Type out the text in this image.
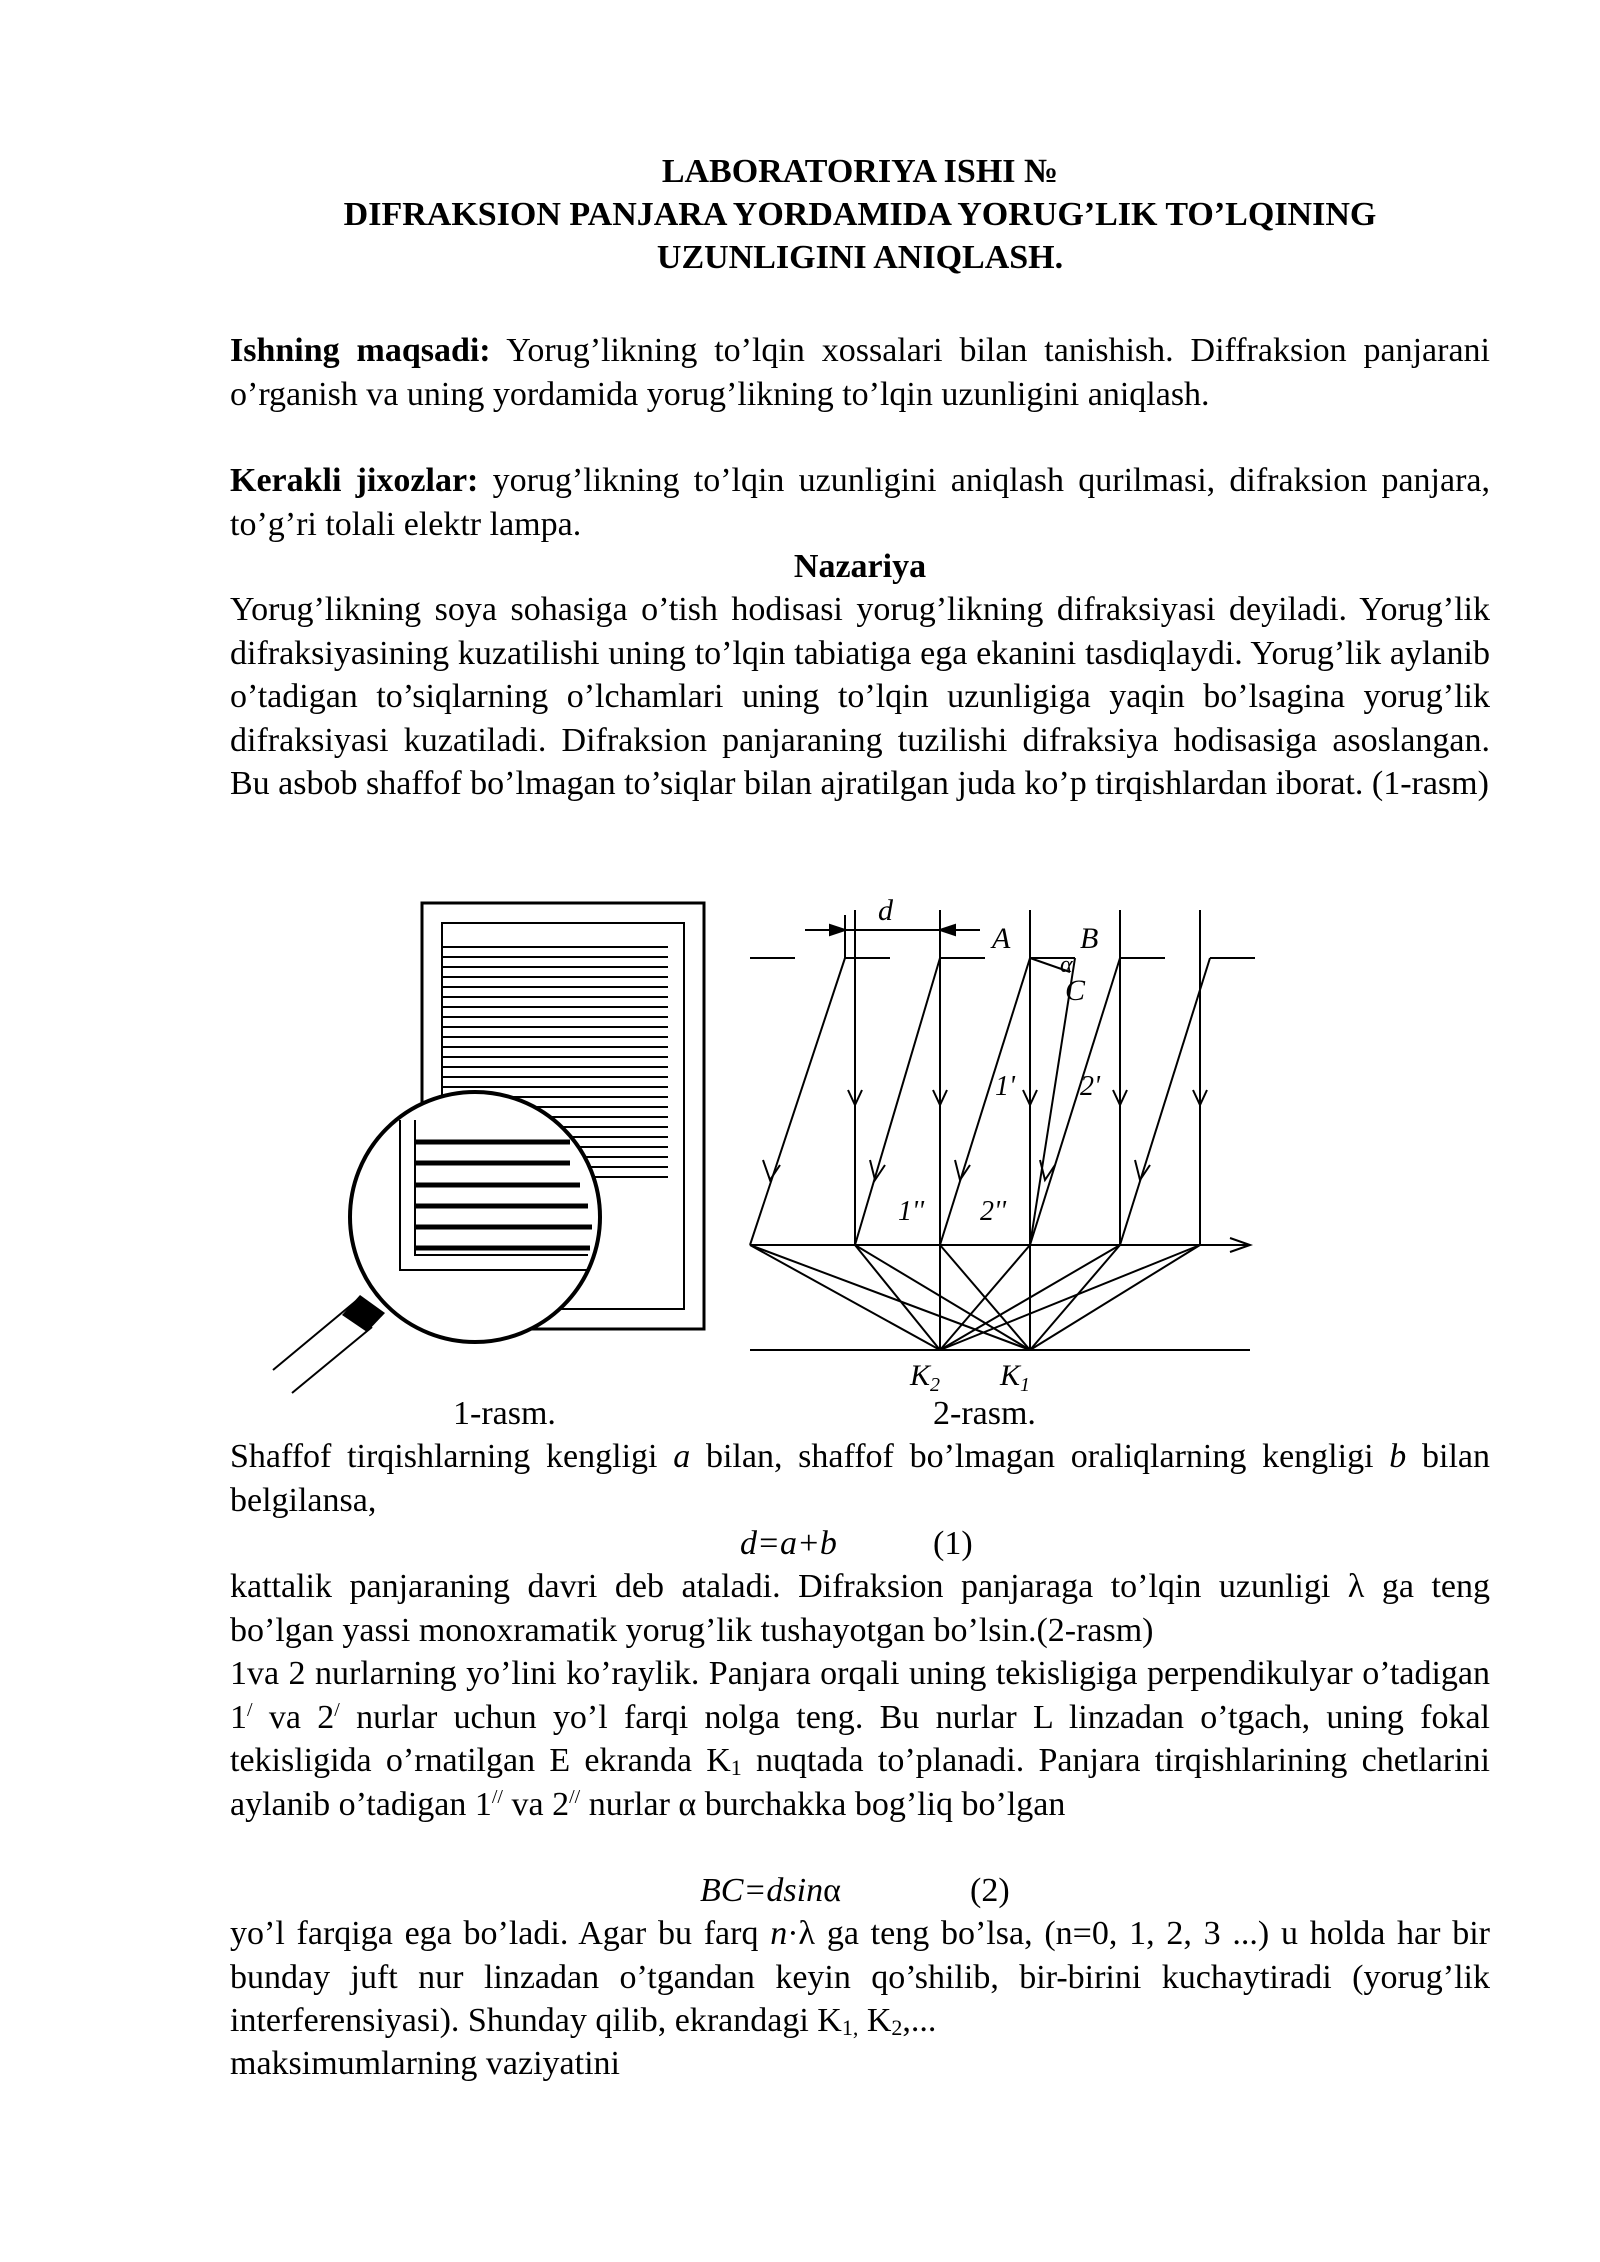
LABORATORIYA ISHI №
DIFRAKSION PANJARA YORDAMIDA YORUG’LIK TO’LQINING
UZUNLIGINI ANIQLASH.

Ishning maqsadi: Yorug’likning to’lqin xossalari bilan tanishish. Diffraksion panjarani o’rganish va uning yordamida yorug’likning to’lqin uzunligini aniqlash.

Kerakli jixozlar: yorug’likning to’lqin uzunligini aniqlash qurilmasi, difraksion panjara, to’g’ri tolali elektr lampa.

Nazariya

Yorug’likning soya sohasiga o’tish hodisasi yorug’likning difraksiyasi deyiladi. Yorug’lik difraksiyasining kuzatilishi uning to’lqin tabiatiga ega ekanini tasdiqlaydi. Yorug’lik aylanib o’tadigan to’siqlarning o’lchamlari uning to’lqin uzunligiga yaqin bo’lsagina yorug’lik difraksiyasi kuzatiladi. Difraksion panjaraning tuzilishi difraksiya hodisasiga asoslangan. Bu asbob shaffof bo’lmagan to’siqlar bilan ajratilgan juda ko’p tirqishlardan iborat. (1-rasm)

d
A B
α
C
1' 2'
1'' 2''
$K_2$ $K_1$
1-rasm.	2-rasm.

Shaffof tirqishlarning kengligi a bilan, shaffof bo’lmagan oraliqlarning kengligi b bilan belgilansa,

d=a+b	(1)

kattalik panjaraning davri deb ataladi. Difraksion panjaraga to’lqin uzunligi λ ga teng bo’lgan yassi monoxramatik yorug’lik tushayotgan bo’lsin.(2-rasm)

1va 2 nurlarning yo’lini ko’raylik. Panjara orqali uning tekisligiga perpendikulyar o’tadigan 1/ va 2/ nurlar uchun yo’l farqi nolga teng. Bu nurlar L linzadan o’tgach, uning fokal tekisligida o’rnatilgan E ekranda $K_1$ nuqtada to’planadi. Panjara tirqishlarining chetlarini aylanib o’tadigan 1// va 2// nurlar α burchakka bog’liq bo’lgan

BC=dsinα	(2)

yo’l farqiga ega bo’ladi. Agar bu farq n·λ ga teng bo’lsa, (n=0, 1, 2, 3 ...) u holda har bir bunday juft nur linzadan o’tgandan keyin qo’shilib, bir-birini kuchaytiradi (yorug’lik interferensiyasi). Shunday qilib, ekrandagi $K_{1,}$ $K_2$,...

maksimumlarning vaziyatini
